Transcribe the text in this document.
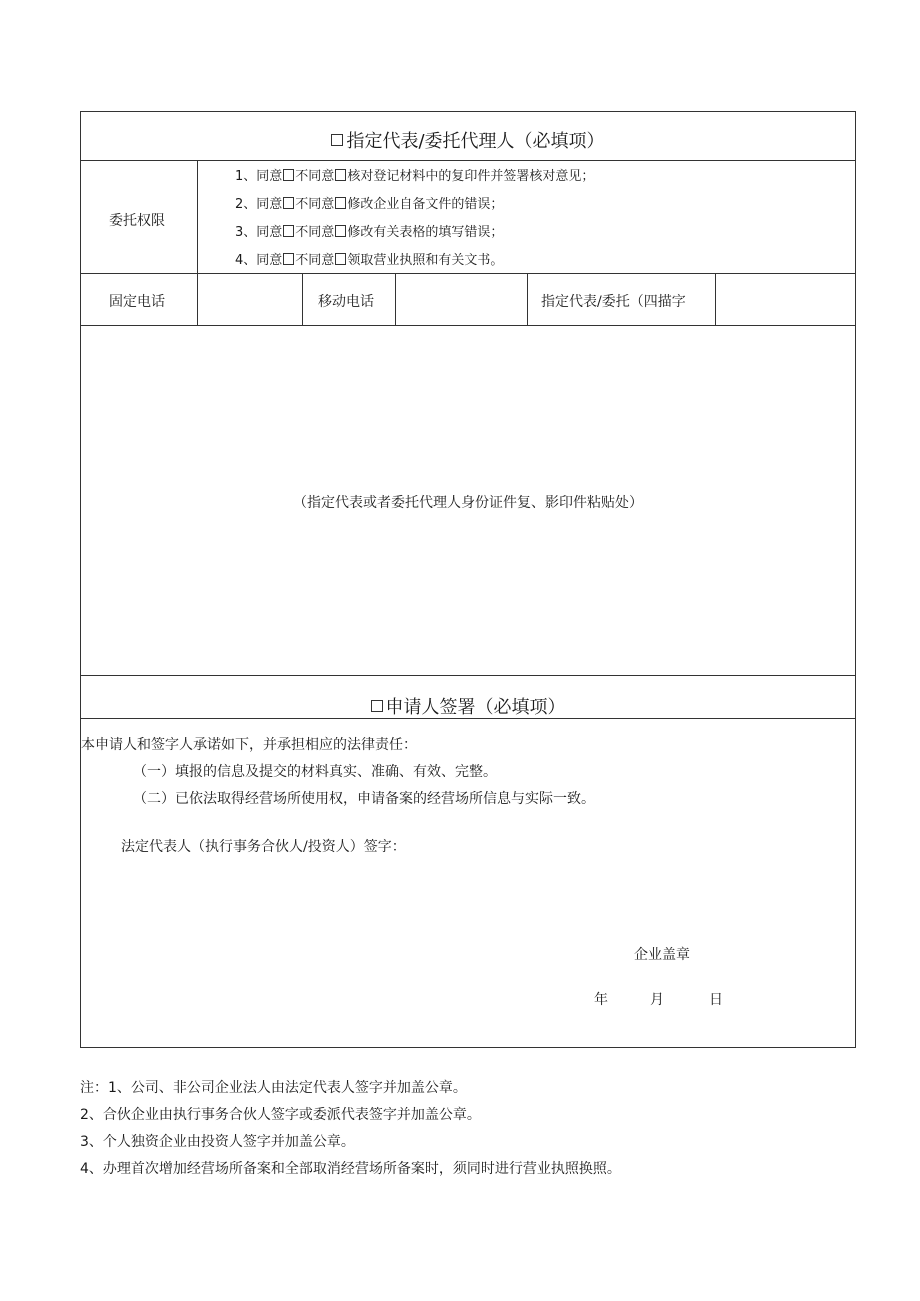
指定代表/委托代理人（必填项）
委托权限
1、同意 不同意 核对登记材料中的复印件并签署核对意见；
2、同意 不同意 修改企业自备文件的错误；
3、同意 不同意 修改有关表格的填写错误；
4、同意 不同意 领取营业执照和有关文书。
固定电话	移动电话	指定代表/委托（四描字
（指定代表或者委托代理人身份证件复、影印件粘贴处）
申请人签署（必填项）
本申请人和签字人承诺如下，并承担相应的法律责任：
（一）填报的信息及提交的材料真实、准确、有效、完整。
（二）已依法取得经营场所使用权，申请备案的经营场所信息与实际一致。
法定代表人（执行事务合伙人/投资人）签字：
企业盖章
年	月	日
注：1、公司、非公司企业法人由法定代表人签字并加盖公章。
2、合伙企业由执行事务合伙人签字或委派代表签字并加盖公章。
3、个人独资企业由投资人签字并加盖公章。
4、办理首次增加经营场所备案和全部取消经营场所备案时，须同时进行营业执照换照。
